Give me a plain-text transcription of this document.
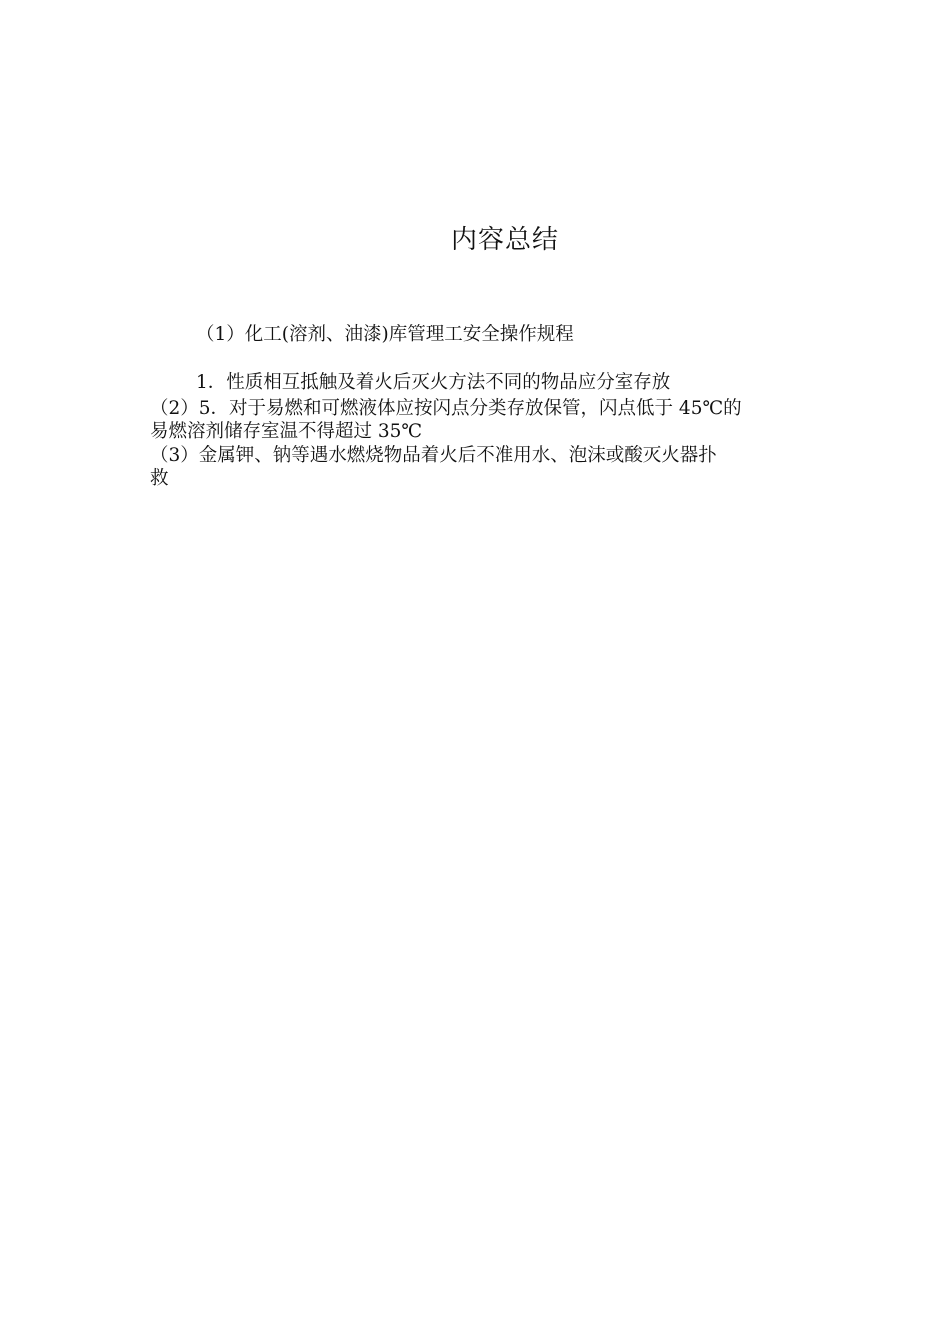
内容总结
（1）化工(溶剂、油漆)库管理工安全操作规程
1．性质相互抵触及着火后灭火方法不同的物品应分室存放
（2）5．对于易燃和可燃液体应按闪点分类存放保管，闪点低于 45℃的
易燃溶剂储存室温不得超过 35℃
（3）金属钾、钠等遇水燃烧物品着火后不准用水、泡沫或酸灭火器扑
救
